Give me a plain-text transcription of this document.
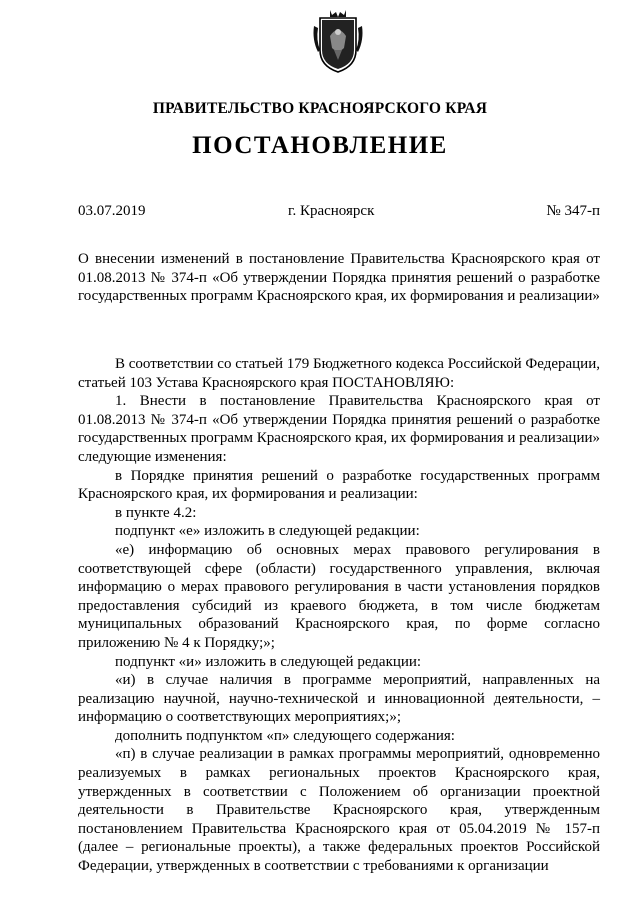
ПРАВИТЕЛЬСТВО КРАСНОЯРСКОГО КРАЯ
ПОСТАНОВЛЕНИЕ
03.07.2019	г. Красноярск	№ 347-п
О внесении изменений в постановление Правительства Красноярского края от 01.08.2013 № 374-п «Об утверждении Порядка принятия решений о разработке государственных программ Красноярского края, их формирования и реализации»

В соответствии со статьей 179 Бюджетного кодекса Российской Федерации, статьей 103 Устава Красноярского края ПОСТАНОВЛЯЮ:

1. Внести в постановление Правительства Красноярского края от 01.08.2013 № 374-п «Об утверждении Порядка принятия решений о разработке государственных программ Красноярского края, их формирования и реализации» следующие изменения:

в Порядке принятия решений о разработке государственных программ Красноярского края, их формирования и реализации:

в пункте 4.2:

подпункт «е» изложить в следующей редакции:

«е) информацию об основных мерах правового регулирования в соответствующей сфере (области) государственного управления, включая информацию о мерах правового регулирования в части установления порядков предоставления субсидий из краевого бюджета, в том числе бюджетам муниципальных образований Красноярского края, по форме согласно приложению № 4 к Порядку;»;

подпункт «и» изложить в следующей редакции:

«и) в случае наличия в программе мероприятий, направленных на реализацию научной, научно-технической и инновационной деятельности, – информацию о соответствующих мероприятиях;»;

дополнить подпунктом «п» следующего содержания:

«п) в случае реализации в рамках программы мероприятий, одновременно реализуемых в рамках региональных проектов Красноярского края, утвержденных в соответствии с Положением об организации проектной деятельности в Правительстве Красноярского края, утвержденным постановлением Правительства Красноярского края от 05.04.2019 № 157-п (далее – региональные проекты), а также федеральных проектов Российской Федерации, утвержденных в соответствии с требованиями к организации
